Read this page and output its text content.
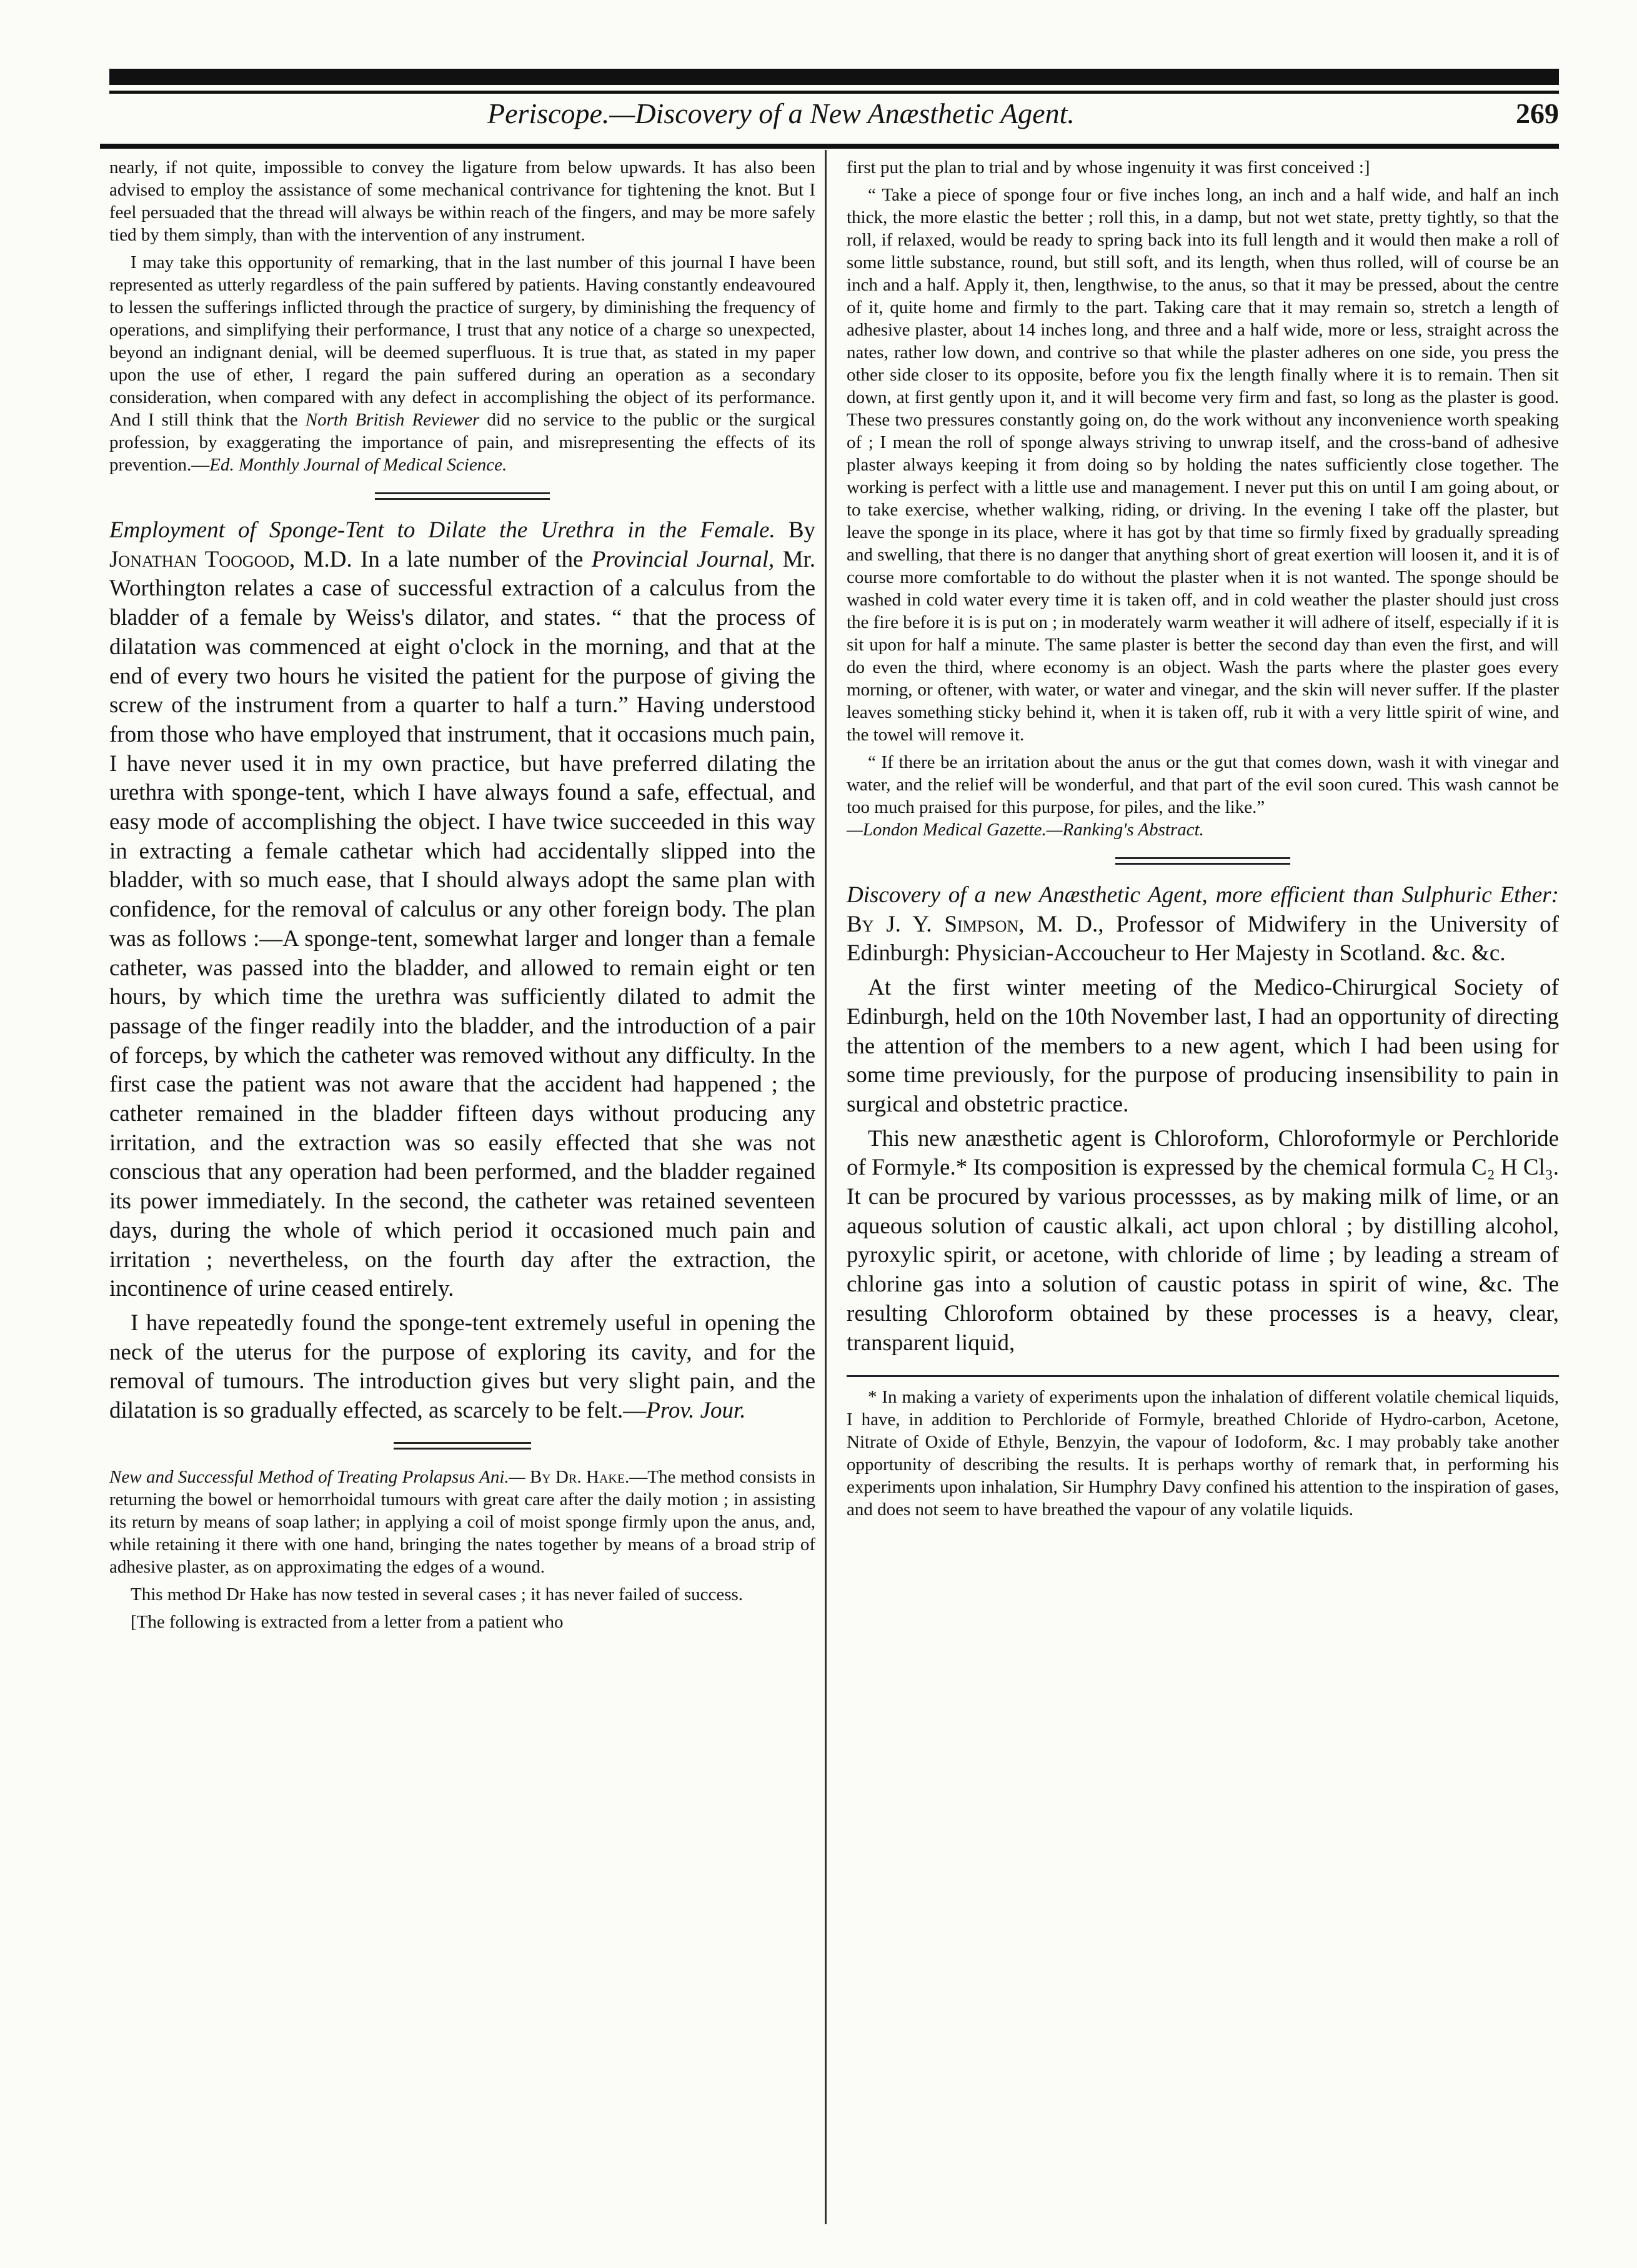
Periscope.—Discovery of a New Anæsthetic Agent.	269

nearly, if not quite, impossible to convey the ligature from below upwards. It has also been advised to employ the assistance of some mechanical contrivance for tightening the knot. But I feel persuaded that the thread will always be within reach of the fingers, and may be more safely tied by them simply, than with the intervention of any instrument.

I may take this opportunity of remarking, that in the last number of this journal I have been represented as utterly regardless of the pain suffered by patients. Having constantly endeavoured to lessen the sufferings inflicted through the practice of surgery, by diminishing the frequency of operations, and simplifying their performance, I trust that any notice of a charge so unexpected, beyond an indignant denial, will be deemed superfluous. It is true that, as stated in my paper upon the use of ether, I regard the pain suffered during an operation as a secondary consideration, when compared with any defect in accomplishing the object of its performance. And I still think that the North British Reviewer did no service to the public or the surgical profession, by exaggerating the importance of pain, and misrepresenting the effects of its prevention.—Ed. Monthly Journal of Medical Science.

Employment of Sponge-Tent to Dilate the Urethra in the Female. By Jonathan Toogood, M.D. In a late number of the Provincial Journal, Mr. Worthington relates a case of successful extraction of a calculus from the bladder of a female by Weiss's dilator, and states. “ that the process of dilatation was commenced at eight o'clock in the morning, and that at the end of every two hours he visited the patient for the purpose of giving the screw of the instrument from a quarter to half a turn.” Having understood from those who have employed that instrument, that it occasions much pain, I have never used it in my own practice, but have preferred dilating the urethra with sponge-tent, which I have always found a safe, effectual, and easy mode of accomplishing the object. I have twice succeeded in this way in extracting a female cathetar which had accidentally slipped into the bladder, with so much ease, that I should always adopt the same plan with confidence, for the removal of calculus or any other foreign body. The plan was as follows :—A sponge-tent, somewhat larger and longer than a female catheter, was passed into the bladder, and allowed to remain eight or ten hours, by which time the urethra was sufficiently dilated to admit the passage of the finger readily into the bladder, and the introduction of a pair of forceps, by which the catheter was removed without any difficulty. In the first case the patient was not aware that the accident had happened ; the catheter remained in the bladder fifteen days without producing any irritation, and the extraction was so easily effected that she was not conscious that any operation had been performed, and the bladder regained its power immediately. In the second, the catheter was retained seventeen days, during the whole of which period it occasioned much pain and irritation ; nevertheless, on the fourth day after the extraction, the incontinence of urine ceased entirely.

I have repeatedly found the sponge-tent extremely useful in opening the neck of the uterus for the purpose of exploring its cavity, and for the removal of tumours. The introduction gives but very slight pain, and the dilatation is so gradually effected, as scarcely to be felt.—Prov. Jour.

New and Successful Method of Treating Prolapsus Ani.— By Dr. Hake.—The method consists in returning the bowel or hemorrhoidal tumours with great care after the daily motion ; in assisting its return by means of soap lather; in applying a coil of moist sponge firmly upon the anus, and, while retaining it there with one hand, bringing the nates together by means of a broad strip of adhesive plaster, as on approximating the edges of a wound.

This method Dr Hake has now tested in several cases ; it has never failed of success.

[The following is extracted from a letter from a patient who

first put the plan to trial and by whose ingenuity it was first conceived :]

“ Take a piece of sponge four or five inches long, an inch and a half wide, and half an inch thick, the more elastic the better ; roll this, in a damp, but not wet state, pretty tightly, so that the roll, if relaxed, would be ready to spring back into its full length and it would then make a roll of some little substance, round, but still soft, and its length, when thus rolled, will of course be an inch and a half. Apply it, then, lengthwise, to the anus, so that it may be pressed, about the centre of it, quite home and firmly to the part. Taking care that it may remain so, stretch a length of adhesive plaster, about 14 inches long, and three and a half wide, more or less, straight across the nates, rather low down, and contrive so that while the plaster adheres on one side, you press the other side closer to its opposite, before you fix the length finally where it is to remain. Then sit down, at first gently upon it, and it will become very firm and fast, so long as the plaster is good. These two pressures constantly going on, do the work without any inconvenience worth speaking of ; I mean the roll of sponge always striving to unwrap itself, and the cross-band of adhesive plaster always keeping it from doing so by holding the nates sufficiently close together. The working is perfect with a little use and management. I never put this on until I am going about, or to take exercise, whether walking, riding, or driving. In the evening I take off the plaster, but leave the sponge in its place, where it has got by that time so firmly fixed by gradually spreading and swelling, that there is no danger that anything short of great exertion will loosen it, and it is of course more comfortable to do without the plaster when it is not wanted. The sponge should be washed in cold water every time it is taken off, and in cold weather the plaster should just cross the fire before it is is put on ; in moderately warm weather it will adhere of itself, especially if it is sit upon for half a minute. The same plaster is better the second day than even the first, and will do even the third, where economy is an object. Wash the parts where the plaster goes every morning, or oftener, with water, or water and vinegar, and the skin will never suffer. If the plaster leaves something sticky behind it, when it is taken off, rub it with a very little spirit of wine, and the towel will remove it.

“ If there be an irritation about the anus or the gut that comes down, wash it with vinegar and water, and the relief will be wonderful, and that part of the evil soon cured. This wash cannot be too much praised for this purpose, for piles, and the like.”
—London Medical Gazette.—Ranking's Abstract.

Discovery of a new Anæsthetic Agent, more efficient than Sulphuric Ether: By J. Y. Simpson, M. D., Professor of Midwifery in the University of Edinburgh: Physician-Accoucheur to Her Majesty in Scotland. &c. &c.

At the first winter meeting of the Medico-Chirurgical Society of Edinburgh, held on the 10th November last, I had an opportunity of directing the attention of the members to a new agent, which I had been using for some time previously, for the purpose of producing insensibility to pain in surgical and obstetric practice.

This new anæsthetic agent is Chloroform, Chloroformyle or Perchloride of Formyle.* Its composition is expressed by the chemical formula C₂ H Cl₃. It can be procured by various processses, as by making milk of lime, or an aqueous solution of caustic alkali, act upon chloral ; by distilling alcohol, pyroxylic spirit, or acetone, with chloride of lime ; by leading a stream of chlorine gas into a solution of caustic potass in spirit of wine, &c. The resulting Chloroform obtained by these processes is a heavy, clear, transparent liquid,

* In making a variety of experiments upon the inhalation of different volatile chemical liquids, I have, in addition to Perchloride of Formyle, breathed Chloride of Hydro-carbon, Acetone, Nitrate of Oxide of Ethyle, Benzyin, the vapour of Iodoform, &c. I may probably take another opportunity of describing the results. It is perhaps worthy of remark that, in performing his experiments upon inhalation, Sir Humphry Davy confined his attention to the inspiration of gases, and does not seem to have breathed the vapour of any volatile liquids.
